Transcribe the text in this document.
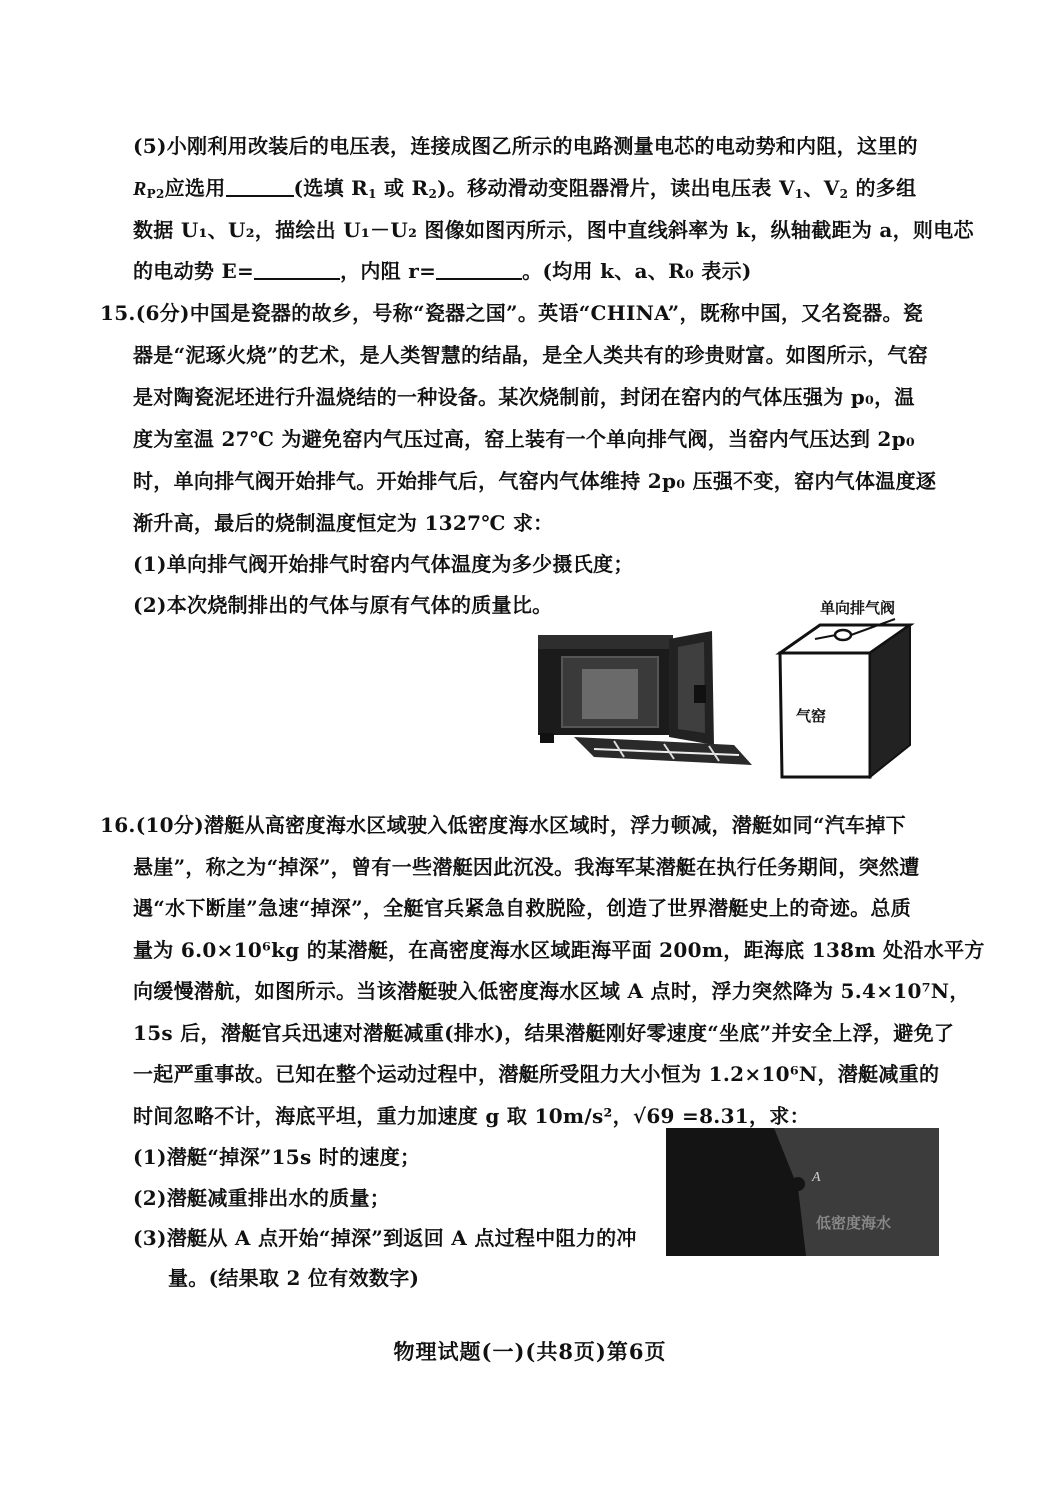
(5)小刚利用改装后的电压表，连接成图乙所示的电路测量电芯的电动势和内阻，这里的
$R_{P2}$应选用	(选填 $R_1$ 或 $R_2$)。移动滑动变阻器滑片，读出电压表 $V_1$、$V_2$ 的多组
数据 U₁、U₂，描绘出 U₁－U₂ 图像如图丙所示，图中直线斜率为 k，纵轴截距为 a，则电芯
的电动势 E=	，内阻 r=	。(均用 k、a、R₀ 表示)
15.(6分)中国是瓷器的故乡，号称“瓷器之国”。英语“CHINA”，既称中国，又名瓷器。瓷
器是“泥琢火烧”的艺术，是人类智慧的结晶，是全人类共有的珍贵财富。如图所示，气窑
是对陶瓷泥坯进行升温烧结的一种设备。某次烧制前，封闭在窑内的气体压强为 p₀，温
度为室温 27℃ 为避免窑内气压过高，窑上装有一个单向排气阀，当窑内气压达到 2p₀
时，单向排气阀开始排气。开始排气后，气窑内气体维持 2p₀ 压强不变，窑内气体温度逐
渐升高，最后的烧制温度恒定为 1327℃ 求：
(1)单向排气阀开始排气时窑内气体温度为多少摄氏度；
(2)本次烧制排出的气体与原有气体的质量比。	单向排气阀
气窑
16.(10分)潜艇从高密度海水区域驶入低密度海水区域时，浮力顿减，潜艇如同“汽车掉下
悬崖”，称之为“掉深”，曾有一些潜艇因此沉没。我海军某潜艇在执行任务期间，突然遭
遇“水下断崖”急速“掉深”，全艇官兵紧急自救脱险，创造了世界潜艇史上的奇迹。总质
量为 6.0×10⁶kg 的某潜艇，在高密度海水区域距海平面 200m，距海底 138m 处沿水平方
向缓慢潜航，如图所示。当该潜艇驶入低密度海水区域 A 点时，浮力突然降为 5.4×10⁷N，
15s 后，潜艇官兵迅速对潜艇减重(排水)，结果潜艇刚好零速度“坐底”并安全上浮，避免了
一起严重事故。已知在整个运动过程中，潜艇所受阻力大小恒为 1.2×10⁶N，潜艇减重的
时间忽略不计，海底平坦，重力加速度 g 取 10m/s²，√69 =8.31，求：
(1)潜艇“掉深”15s 时的速度；
(2)潜艇减重排出水的质量；
(3)潜艇从 A 点开始“掉深”到返回 A 点过程中阻力的冲
量。(结果取 2 位有效数字)
A
低密度海水
物理试题(一)(共8页)第6页
